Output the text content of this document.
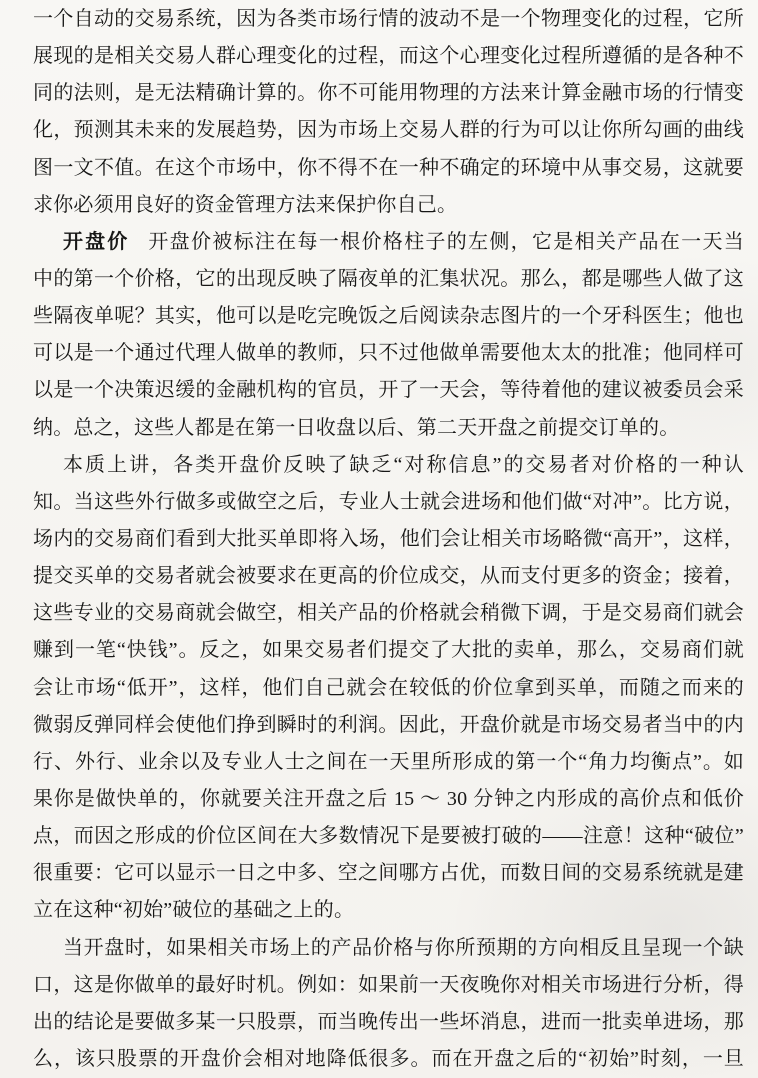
一个自动的交易系统，因为各类市场行情的波动不是一个物理变化的过程，它所
展现的是相关交易人群心理变化的过程，而这个心理变化过程所遵循的是各种不
同的法则，是无法精确计算的。你不可能用物理的方法来计算金融市场的行情变
化，预测其未来的发展趋势，因为市场上交易人群的行为可以让你所勾画的曲线
图一文不值。在这个市场中，你不得不在一种不确定的环境中从事交易，这就要
求你必须用良好的资金管理方法来保护你自己。
开盘价 开盘价被标注在每一根价格柱子的左侧，它是相关产品在一天当
中的第一个价格，它的出现反映了隔夜单的汇集状况。那么，都是哪些人做了这
些隔夜单呢？其实，他可以是吃完晚饭之后阅读杂志图片的一个牙科医生；他也
可以是一个通过代理人做单的教师，只不过他做单需要他太太的批准；他同样可
以是一个决策迟缓的金融机构的官员，开了一天会，等待着他的建议被委员会采
纳。总之，这些人都是在第一日收盘以后、第二天开盘之前提交订单的。
本质上讲，各类开盘价反映了缺乏“对称信息”的交易者对价格的一种认
知。当这些外行做多或做空之后，专业人士就会进场和他们做“对冲”。比方说，
场内的交易商们看到大批买单即将入场，他们会让相关市场略微“高开”，这样，
提交买单的交易者就会被要求在更高的价位成交，从而支付更多的资金；接着，
这些专业的交易商就会做空，相关产品的价格就会稍微下调，于是交易商们就会
赚到一笔“快钱”。反之，如果交易者们提交了大批的卖单，那么，交易商们就
会让市场“低开”，这样，他们自己就会在较低的价位拿到买单，而随之而来的
微弱反弹同样会使他们挣到瞬时的利润。因此，开盘价就是市场交易者当中的内
行、外行、业余以及专业人士之间在一天里所形成的第一个“角力均衡点”。如
果你是做快单的，你就要关注开盘之后 15 ～ 30 分钟之内形成的高价点和低价
点，而因之形成的价位区间在大多数情况下是要被打破的——注意！这种“破位”
很重要：它可以显示一日之中多、空之间哪方占优，而数日间的交易系统就是建
立在这种“初始”破位的基础之上的。
当开盘时，如果相关市场上的产品价格与你所预期的方向相反且呈现一个缺
口，这是你做单的最好时机。例如：如果前一天夜晚你对相关市场进行分析，得
出的结论是要做多某一只股票，而当晚传出一些坏消息，进而一批卖单进场，那
么，该只股票的开盘价会相对地降低很多。而在开盘之后的“初始”时刻，一旦
